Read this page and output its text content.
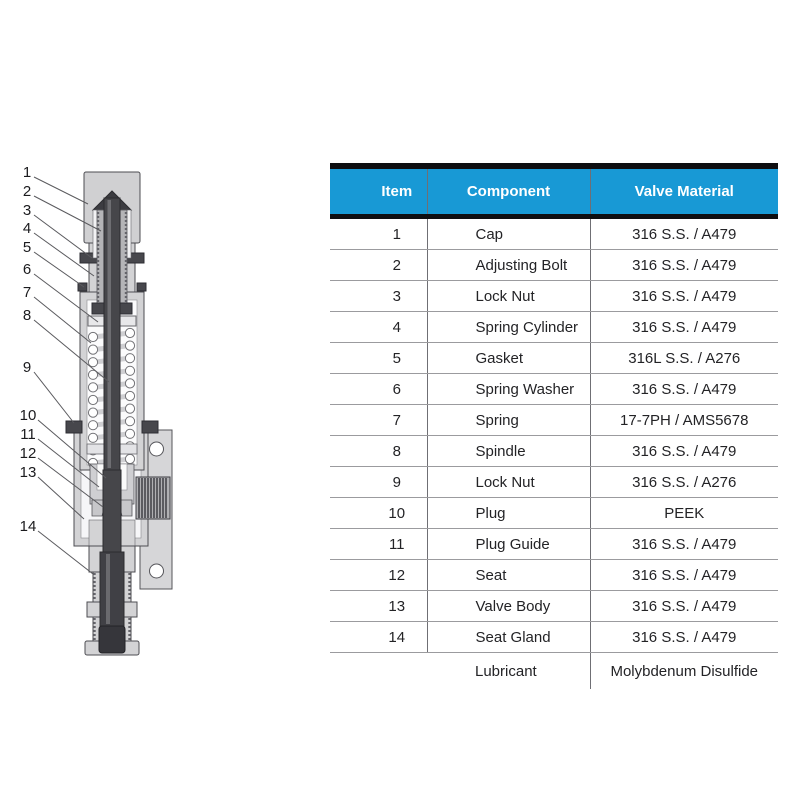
1
2
3
4
5
6
7
8
9
10
11
12
13
14
Item	Component	Valve Material
1	Cap	316 S.S. / A479
2	Adjusting Bolt	316 S.S. / A479
3	Lock Nut	316 S.S. / A479
4	Spring Cylinder	316 S.S. / A479
5	Gasket	316L S.S. / A276
6	Spring Washer	316 S.S. / A479
7	Spring	17-7PH / AMS5678
8	Spindle	316 S.S. / A479
9	Lock Nut	316 S.S. / A276
10	Plug	PEEK
11	Plug Guide	316 S.S. / A479
12	Seat	316 S.S. / A479
13	Valve Body	316 S.S. / A479
14	Seat Gland	316 S.S. / A479
	Lubricant	Molybdenum Disulfide
